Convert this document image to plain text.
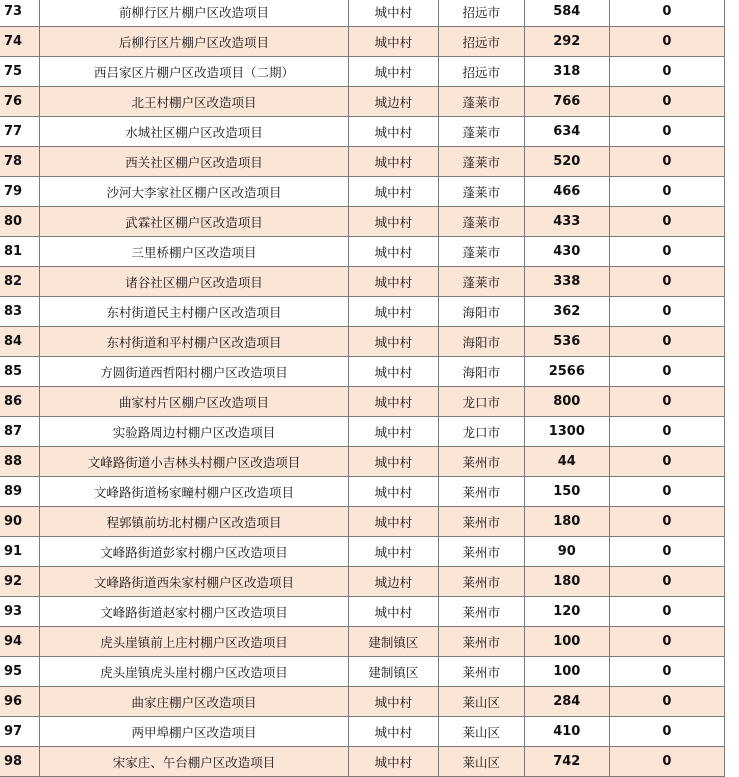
73	前柳行区片棚户区改造项目	城中村	招远市	584	0
74	后柳行区片棚户区改造项目	城中村	招远市	292	0
75	西吕家区片棚户区改造项目（二期）	城中村	招远市	318	0
76	北王村棚户区改造项目	城边村	蓬莱市	766	0
77	水城社区棚户区改造项目	城中村	蓬莱市	634	0
78	西关社区棚户区改造项目	城中村	蓬莱市	520	0
79	沙河大李家社区棚户区改造项目	城中村	蓬莱市	466	0
80	武霖社区棚户区改造项目	城中村	蓬莱市	433	0
81	三里桥棚户区改造项目	城中村	蓬莱市	430	0
82	诸谷社区棚户区改造项目	城中村	蓬莱市	338	0
83	东村街道民主村棚户区改造项目	城中村	海阳市	362	0
84	东村街道和平村棚户区改造项目	城中村	海阳市	536	0
85	方圆街道西哲阳村棚户区改造项目	城中村	海阳市	2566	0
86	曲家村片区棚户区改造项目	城中村	龙口市	800	0
87	实验路周边村棚户区改造项目	城中村	龙口市	1300	0
88	文峰路街道小吉林头村棚户区改造项目	城中村	莱州市	44	0
89	文峰路街道杨家疃村棚户区改造项目	城中村	莱州市	150	0
90	程郭镇前坊北村棚户区改造项目	城中村	莱州市	180	0
91	文峰路街道彭家村棚户区改造项目	城中村	莱州市	90	0
92	文峰路街道西朱家村棚户区改造项目	城边村	莱州市	180	0
93	文峰路街道赵家村棚户区改造项目	城中村	莱州市	120	0
94	虎头崖镇前上庄村棚户区改造项目	建制镇区	莱州市	100	0
95	虎头崖镇虎头崖村棚户区改造项目	建制镇区	莱州市	100	0
96	曲家庄棚户区改造项目	城中村	莱山区	284	0
97	两甲埠棚户区改造项目	城中村	莱山区	410	0
98	宋家庄、午台棚户区改造项目	城中村	莱山区	742	0
